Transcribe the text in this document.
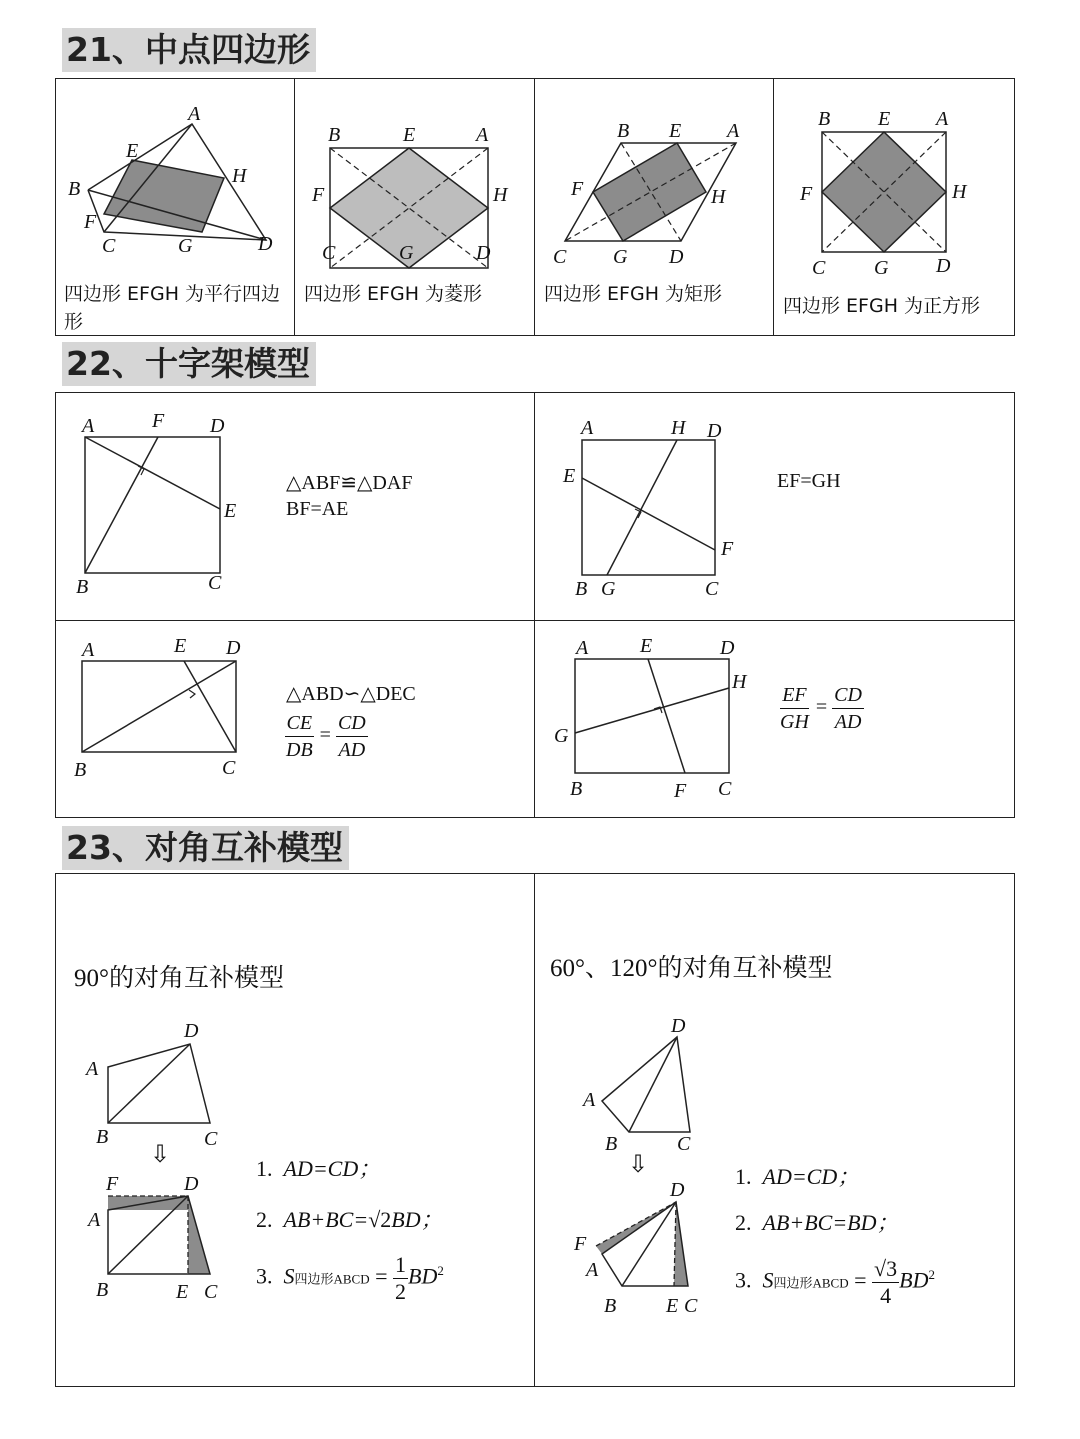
21、中点四边形
22、十字架模型
23、对角互补模型
A
B
C	D
E
F
G
H
四边形 EFGH 为平行四边形
B	E	A
F	H
C	G	D
四边形 EFGH 为菱形
B E A
F	H
C G D
四边形 EFGH 为矩形
B E A
F	H
C G D
四边形 EFGH 为正方形
A	F D
E
B	C
△ABF≌△DAF
BF=AE
A	H D
E
F
B G	C
EF=GH
A	E D
B	C
△ABD∽△DEC
$\frac{CE}{DB} = \frac{CD}{AD}$
A	E	D
H
G
B	F C
$\frac{EF}{GH} = \frac{CD}{AD}$
90°的对角互补模型
D
A
B	C
⇩
F	D
A
B	E C
1. AD=CD；
2. AB+BC=√2BD；
3. S四边形ABCD = $\frac{1}{2} BD^2$
60°、120°的对角互补模型
D
A
B	C
⇩
D
F
A
B E C
1. AD=CD；
2. AB+BC=BD；
3. S四边形ABCD = $\frac{√3}{4} BD^2$
